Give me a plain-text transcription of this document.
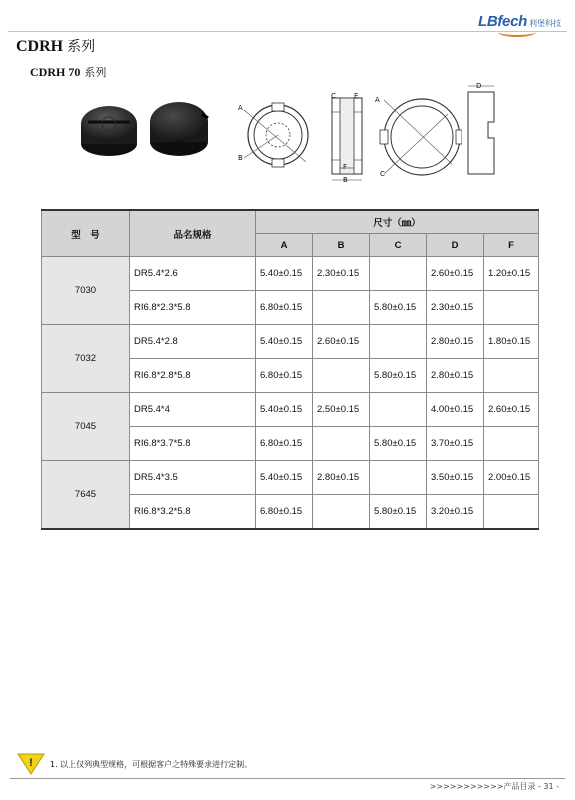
LBfech 利堡科技
CDRH 系列
CDRH 70 系列
A
B
C	E
F
B
A
C
D
型　号	品名规格	尺寸（㎜）				
		A	B	C	D	F
7030	DR5.4*2.6	5.40±0.15	2.30±0.15		2.60±0.15	1.20±0.15
	RI6.8*2.3*5.8	6.80±0.15		5.80±0.15	2.30±0.15	
7032	DR5.4*2.8	5.40±0.15	2.60±0.15		2.80±0.15	1.80±0.15
	RI6.8*2.8*5.8	6.80±0.15		5.80±0.15	2.80±0.15	
7045	DR5.4*4	5.40±0.15	2.50±0.15		4.00±0.15	2.60±0.15
	RI6.8*3.7*5.8	6.80±0.15		5.80±0.15	3.70±0.15	
7645	DR5.4*3.5	5.40±0.15	2.80±0.15		3.50±0.15	2.00±0.15
	RI6.8*3.2*5.8	6.80±0.15		5.80±0.15	3.20±0.15	
! 1. 以上仅列典型规格，可根据客户之特殊要求进行定制。
>>>>>>>>>>>产品目录 - 31 -
